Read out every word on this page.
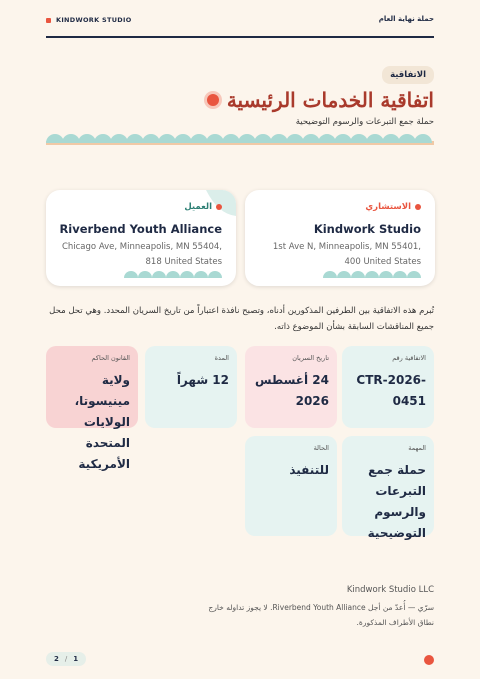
KINDWORK STUDIO	حملة نهاية العام
الاتفاقية
اتفاقية الخدمات الرئيسية
حملة جمع التبرعات والرسوم التوضيحية
الاستشاري
Kindwork Studio
1st Ave N, Minneapolis, MN 55401, 400 United States
العميل
Riverbend Youth Alliance
Chicago Ave, Minneapolis, MN 55404, 818 United States
تُبرم هذه الاتفاقية بين الطرفين المذكورين أدناه، وتصبح نافذة اعتباراً من تاريخ السريان المحدد. وهي تحل محل جميع المناقشات السابقة بشأن الموضوع ذاته.
الاتفاقية رقم
CTR-2026-0451
تاريخ السريان
24 أغسطس 2026
المدة
12 شهراً
القانون الحاكم
ولاية مينيسوتا، الولايات المتحدة الأمريكية
المهمة
حملة جمع التبرعات والرسوم التوضيحية
الحالة
للتنفيذ
Kindwork Studio LLC
سرّي — أُعدّ من أجل Riverbend Youth Alliance. لا يجوز تداوله خارج نطاق الأطراف المذكورة.
2 / 1
